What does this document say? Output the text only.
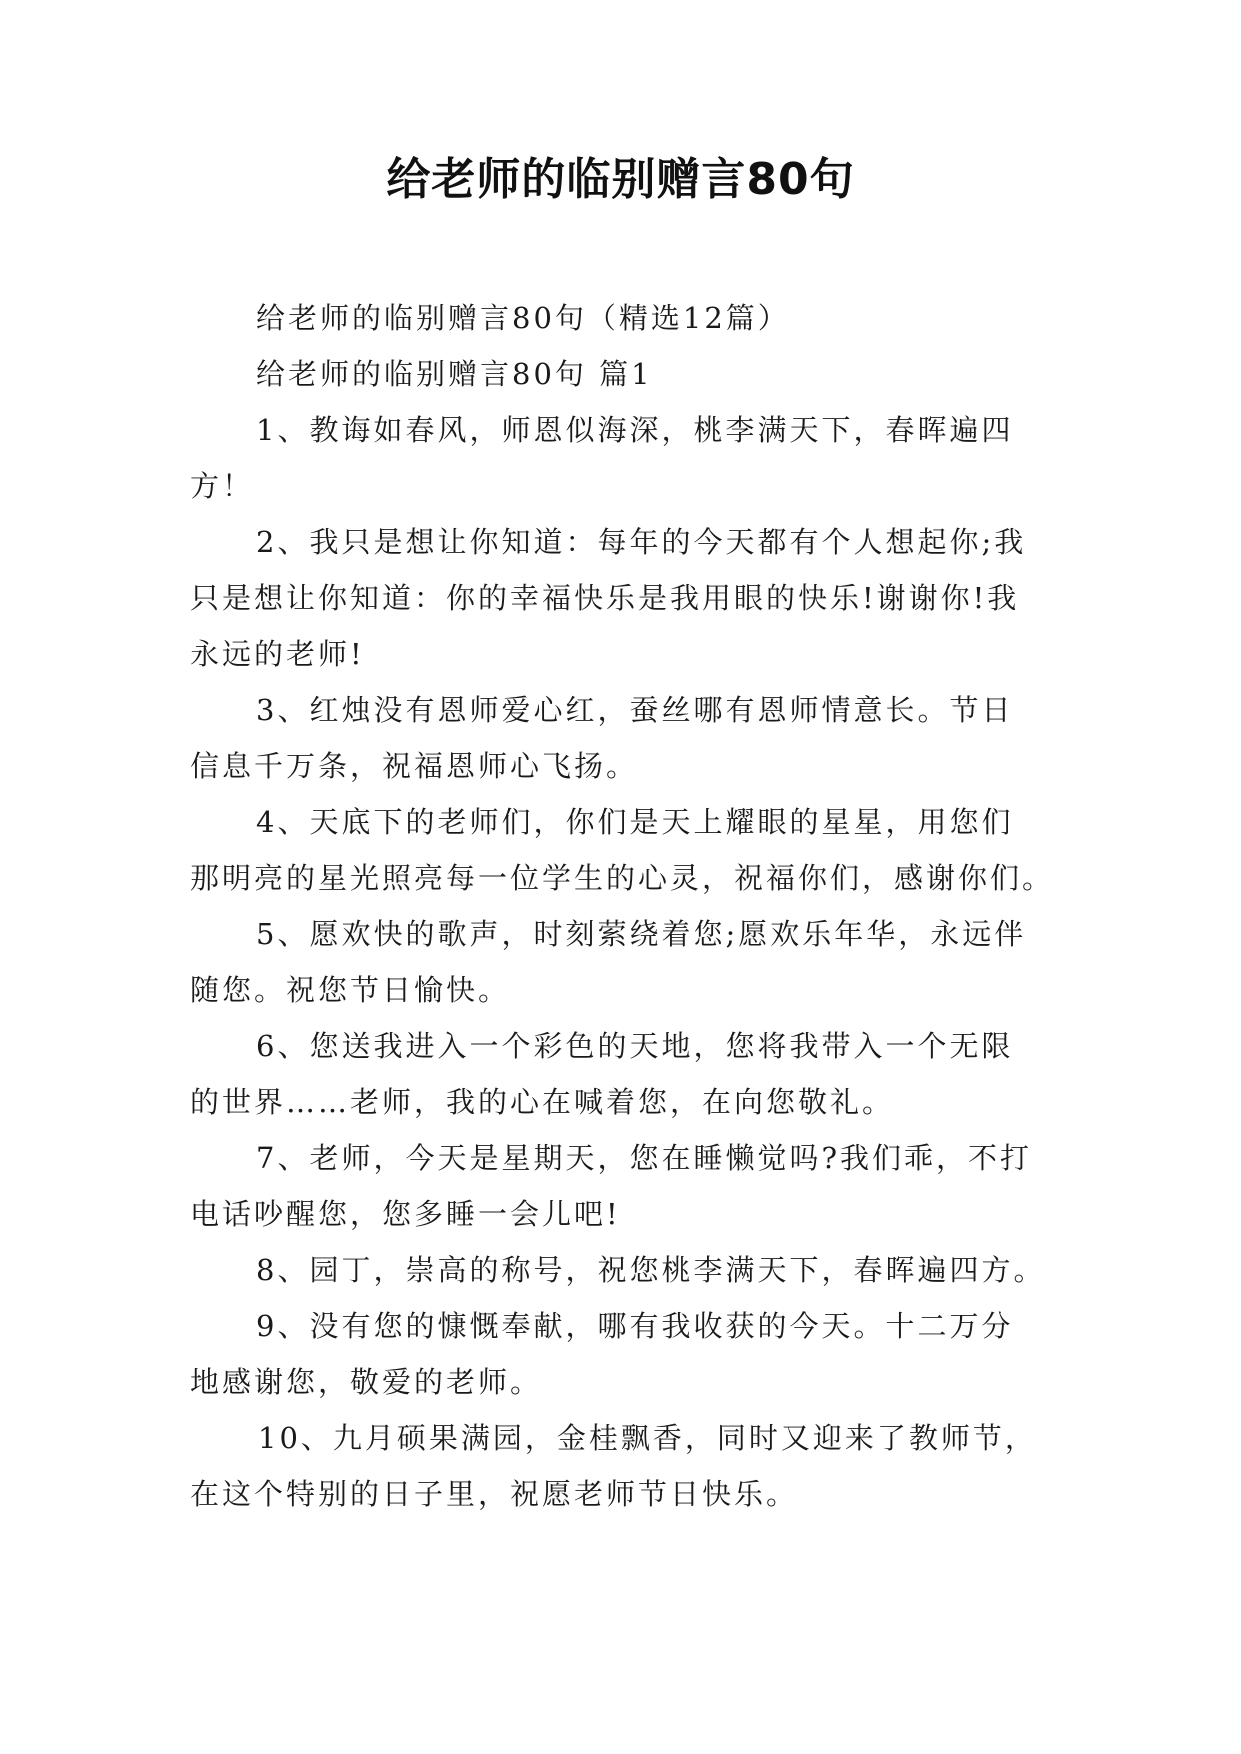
给老师的临别赠言80句
给老师的临别赠言80句（精选12篇）
给老师的临别赠言80句 篇1
1、教诲如春风，师恩似海深，桃李满天下，春晖遍四
方！
2、我只是想让你知道：每年的今天都有个人想起你;我
只是想让你知道：你的幸福快乐是我用眼的快乐!谢谢你!我
永远的老师!
3、红烛没有恩师爱心红，蚕丝哪有恩师情意长。节日
信息千万条，祝福恩师心飞扬。
4、天底下的老师们，你们是天上耀眼的星星，用您们
那明亮的星光照亮每一位学生的心灵，祝福你们，感谢你们。
5、愿欢快的歌声，时刻萦绕着您;愿欢乐年华，永远伴
随您。祝您节日愉快。
6、您送我进入一个彩色的天地，您将我带入一个无限
的世界……老师，我的心在喊着您，在向您敬礼。
7、老师，今天是星期天，您在睡懒觉吗?我们乖，不打
电话吵醒您，您多睡一会儿吧!
8、园丁，崇高的称号，祝您桃李满天下，春晖遍四方。
9、没有您的慷慨奉献，哪有我收获的今天。十二万分
地感谢您，敬爱的老师。
10、九月硕果满园，金桂飘香，同时又迎来了教师节，
在这个特别的日子里，祝愿老师节日快乐。
